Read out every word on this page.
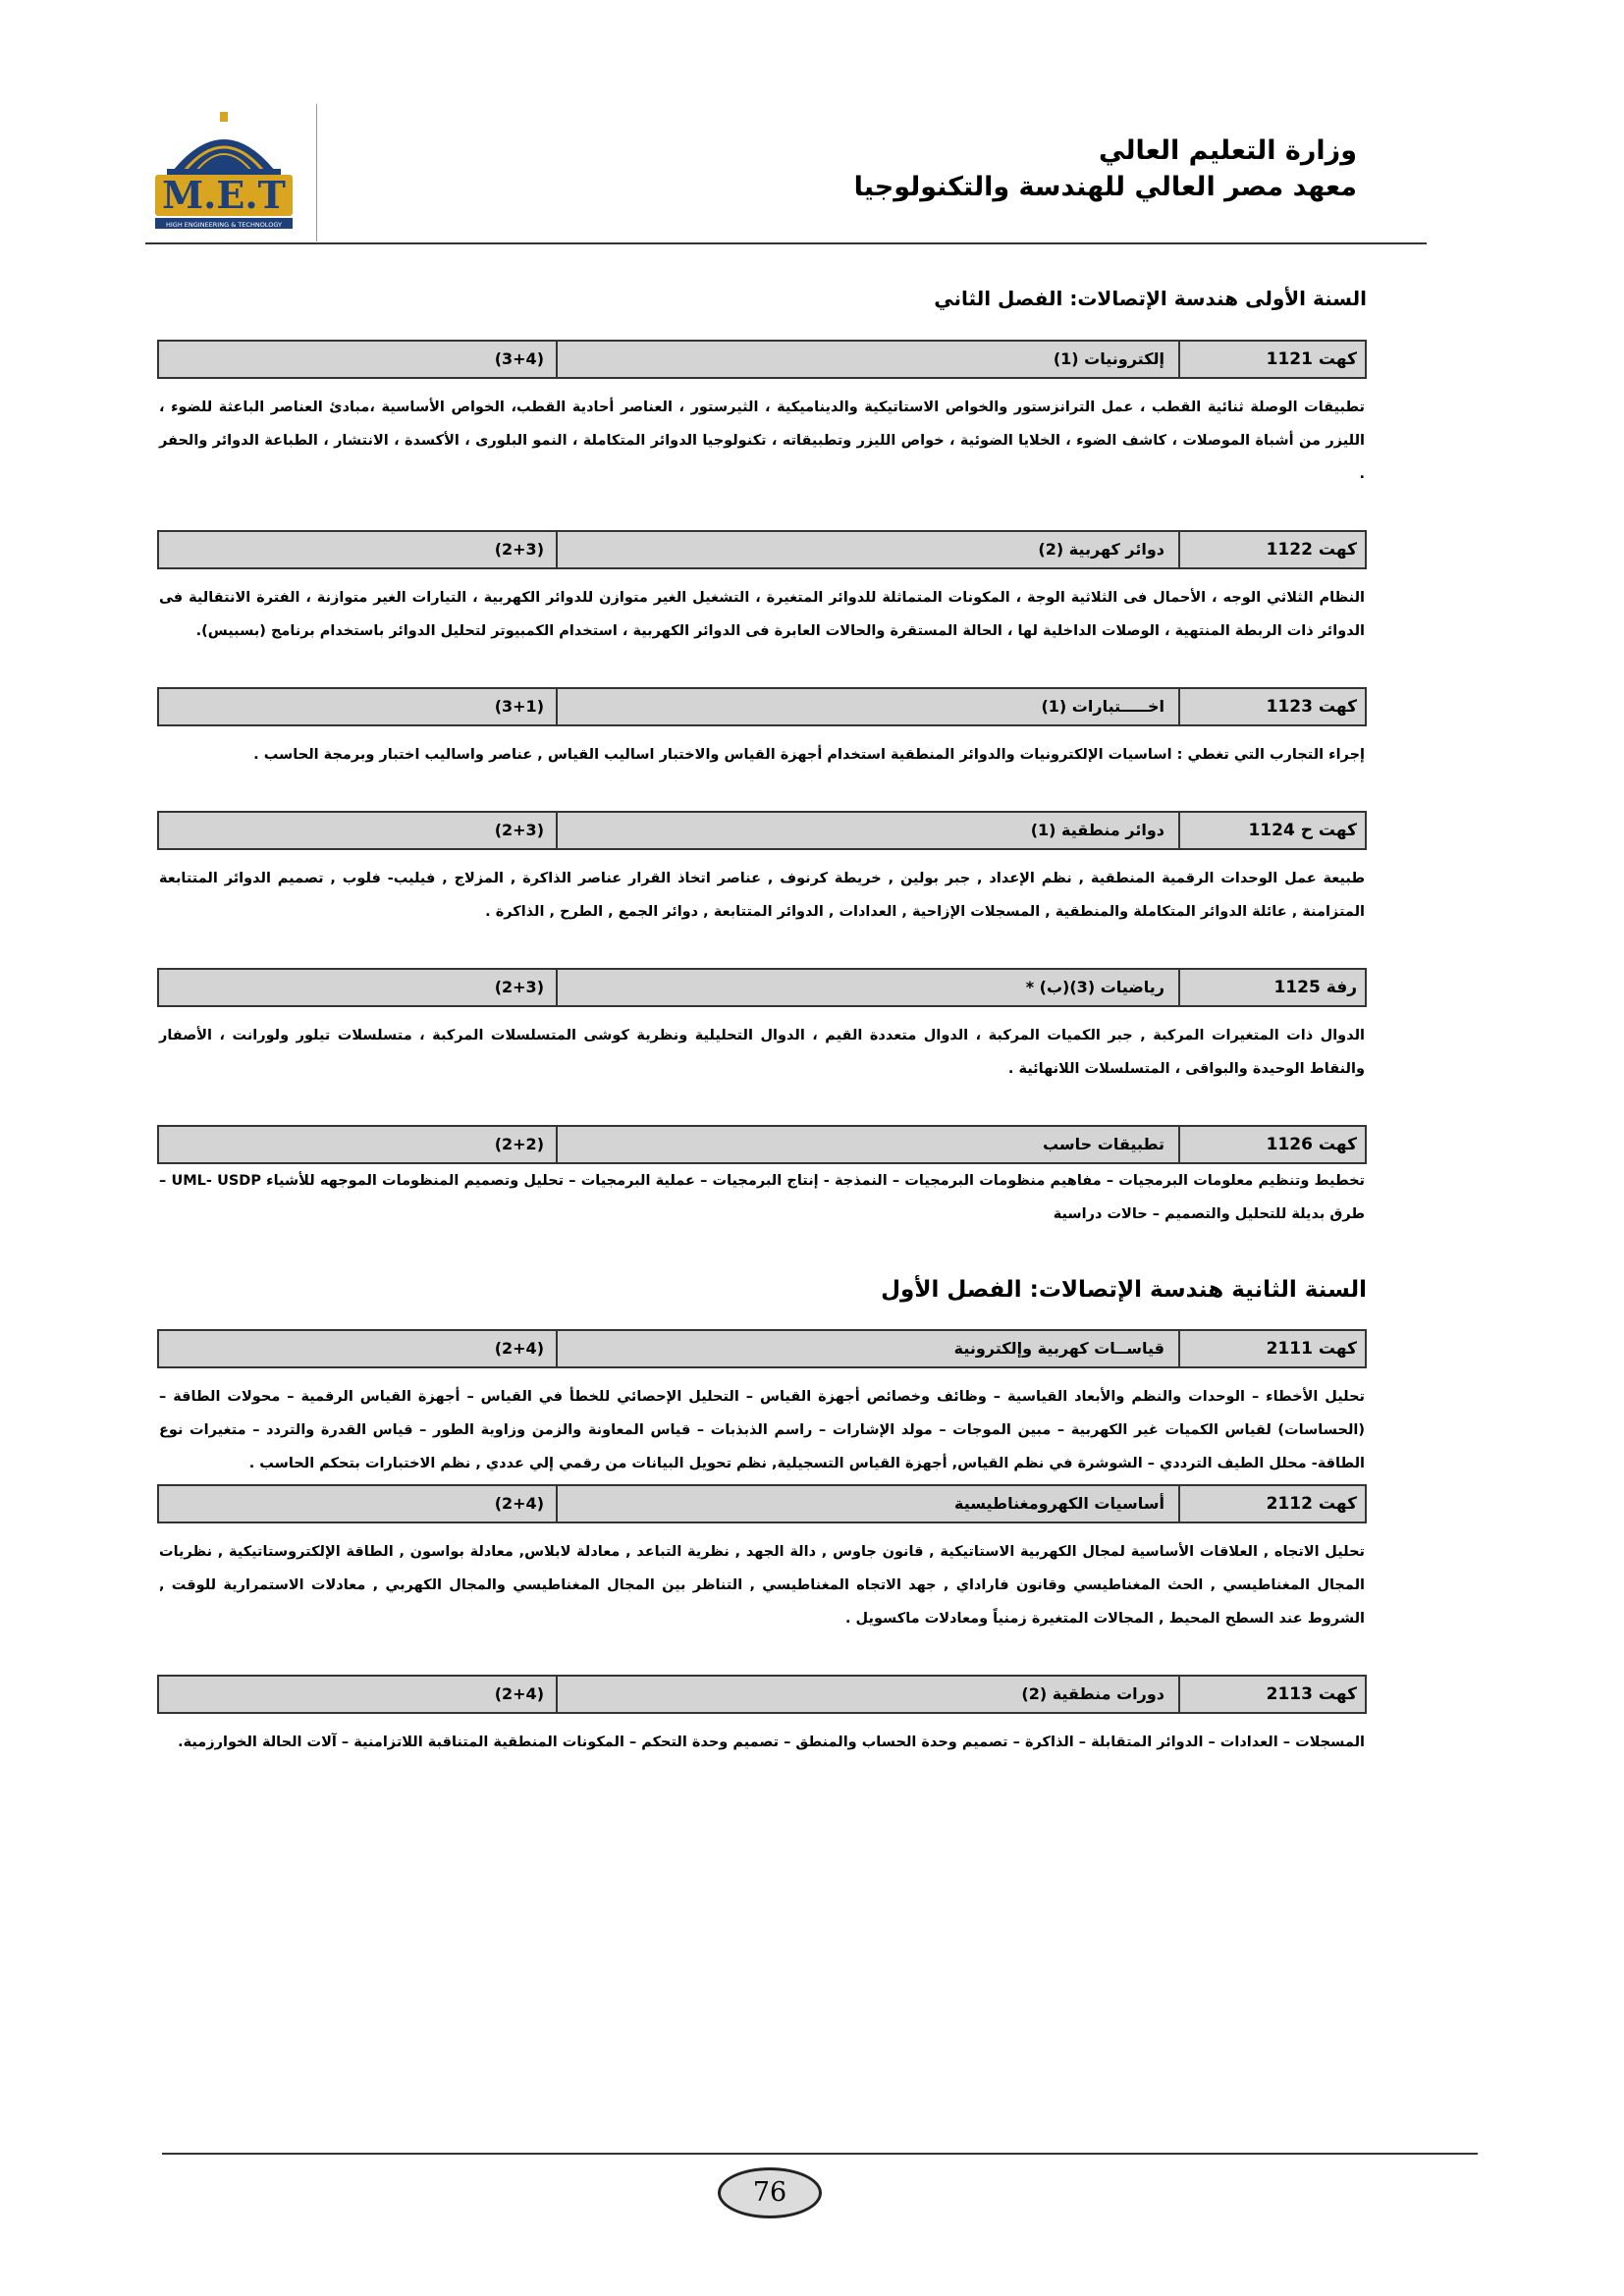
M.E.T
HIGH ENGINEERING & TECHNOLOGY
وزارة التعليم العالي
معهد مصر العالي للهندسة والتكنولوجيا
السنة الأولى هندسة الإتصالات: الفصل الثاني
كهت 1121
إلكترونيات (1)
(3+4)

تطبيقات الوصلة ثنائية القطب ، عمل الترانزستور والخواص الاستاتيكية والديناميكية ، الثيرستور ، العناصر أحادية القطب، الخواص الأساسية ،مبادئ العناصر الباعثة للضوء ، الليزر من أشباة الموصلات ، كاشف الضوء ، الخلايا الضوئية ، خواص الليزر وتطبيقاته ، تكنولوجيا الدوائر المتكاملة ، النمو البلورى ، الأكسدة ، الانتشار ، الطباعة الدوائر والحفر .

كهت 1122
دوائر كهربية (2)
(2+3)

النظام الثلاثي الوجه ، الأحمال فى الثلاثية الوجة ، المكونات المتماثلة للدوائر المتغيرة ، التشغيل الغير متوازن للدوائر الكهربية ، التيارات الغير متوازنة ، الفترة الانتقالية فى الدوائر ذات الربطة المنتهية ، الوصلات الداخلية لها ، الحالة المستقرة والحالات العابرة فى الدوائر الكهربية ، استخدام الكمبيوتر لتحليل الدوائر باستخدام برنامج (بسبيس).

كهت 1123
اخـــــتبارات (1)
(3+1)

إجراء التجارب التي تغطي : اساسيات الإلكترونيات والدوائر المنطقية استخدام أجهزة القياس والاختبار اساليب القياس , عناصر واساليب اختبار وبرمجة الحاسب .

كهت ح 1124
دوائر منطقية (1)
(2+3)

طبيعة عمل الوحدات الرقمية المنطقية , نظم الإعداد , جبر بولين , خريطة كرنوف , عناصر اتخاذ القرار عناصر الذاكرة , المزلاج , فيليب- فلوب , تصميم الدوائر المتتابعة المتزامنة , عائلة الدوائر المتكاملة والمنطقية , المسجلات الإزاحية , العدادات , الدوائر المتتابعة , دوائر الجمع , الطرح , الذاكرة .

رفة 1125
رياضيات (3)(ب) *
(2+3)

الدوال ذات المتغيرات المركبة , جبر الكميات المركبة ، الدوال متعددة القيم ، الدوال التحليلية ونظرية كوشى المتسلسلات المركبة ، متسلسلات تيلور ولورانت ، الأصفار والنقاط الوحيدة والبواقى ، المتسلسلات اللانهائية .

كهت 1126
تطبيقات حاسب
(2+2)

تخطيط وتنظيم معلومات البرمجيات – مفاهيم منظومات البرمجيات – النمذجة - إنتاج البرمجيات – عملية البرمجيات – تحليل وتصميم المنظومات الموجهه للأشياء UML- USDP – طرق بديلة للتحليل والتصميم – حالات دراسية

السنة الثانية هندسة الإتصالات: الفصل الأول
كهت 2111
قياســات كهربية وإلكترونية
(2+4)

تحليل الأخطاء – الوحدات والنظم والأبعاد القياسية – وظائف وخصائص أجهزة القياس – التحليل الإحصائي للخطأ في القياس – أجهزة القياس الرقمية – محولات الطاقة – (الحساسات) لقياس الكميات غير الكهربية – مبين الموجات – مولد الإشارات – راسم الذبذبات – قياس المعاونة والزمن وزاوية الطور – قياس القدرة والتردد – متغيرات نوع الطاقة- محلل الطيف الترددي – الشوشرة في نظم القياس, أجهزة القياس التسجيلية, نظم تحويل البيانات من رقمي إلي عددي , نظم الاختبارات بتحكم الحاسب .

كهت 2112
أساسيات الكهرومغناطيسية
(2+4)

تحليل الاتجاه , العلاقات الأساسية لمجال الكهربية الاستاتيكية , قانون جاوس , دالة الجهد , نظرية التباعد , معادلة لابلاس, معادلة بواسون , الطاقة الإلكتروستاتيكية , نظريات المجال المغناطيسي , الحث المغناطيسي وقانون فاراداي , جهد الاتجاه المغناطيسي , التناظر بين المجال المغناطيسي والمجال الكهربي , معادلات الاستمرارية للوقت , الشروط عند السطح المحيط , المجالات المتغيرة زمنياً ومعادلات ماكسويل .

كهت 2113
دورات منطقية (2)
(2+4)

المسجلات – العدادات – الدوائر المتقابلة – الذاكرة – تصميم وحدة الحساب والمنطق – تصميم وحدة التحكم – المكونات المنطقية المتناقبة اللاتزامنية – آلات الحالة الخوارزمية.

76
